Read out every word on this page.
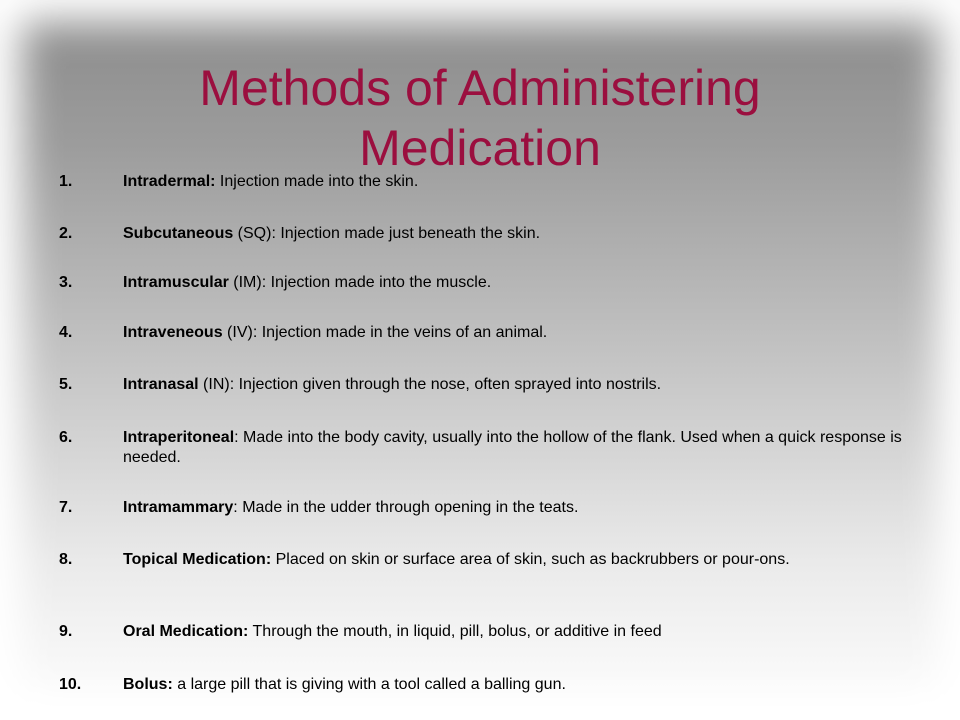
Methods of Administering
Medication
1.	Intradermal: Injection made into the skin.
2.	Subcutaneous (SQ): Injection made just beneath the skin.
3.	Intramuscular (IM): Injection made into the muscle.
4.	Intraveneous (IV): Injection made in the veins of an animal.
5.	Intranasal (IN): Injection given through the nose, often sprayed into nostrils.
6.	Intraperitoneal: Made into the body cavity, usually into the hollow of the flank. Used when a quick response is needed.
7.	Intramammary: Made in the udder through opening in the teats.
8.	Topical Medication: Placed on skin or surface area of skin, such as backrubbers or pour-ons.
9.	Oral Medication: Through the mouth, in liquid, pill, bolus, or additive in feed
10.	Bolus: a large pill that is giving with a tool called a balling gun.
